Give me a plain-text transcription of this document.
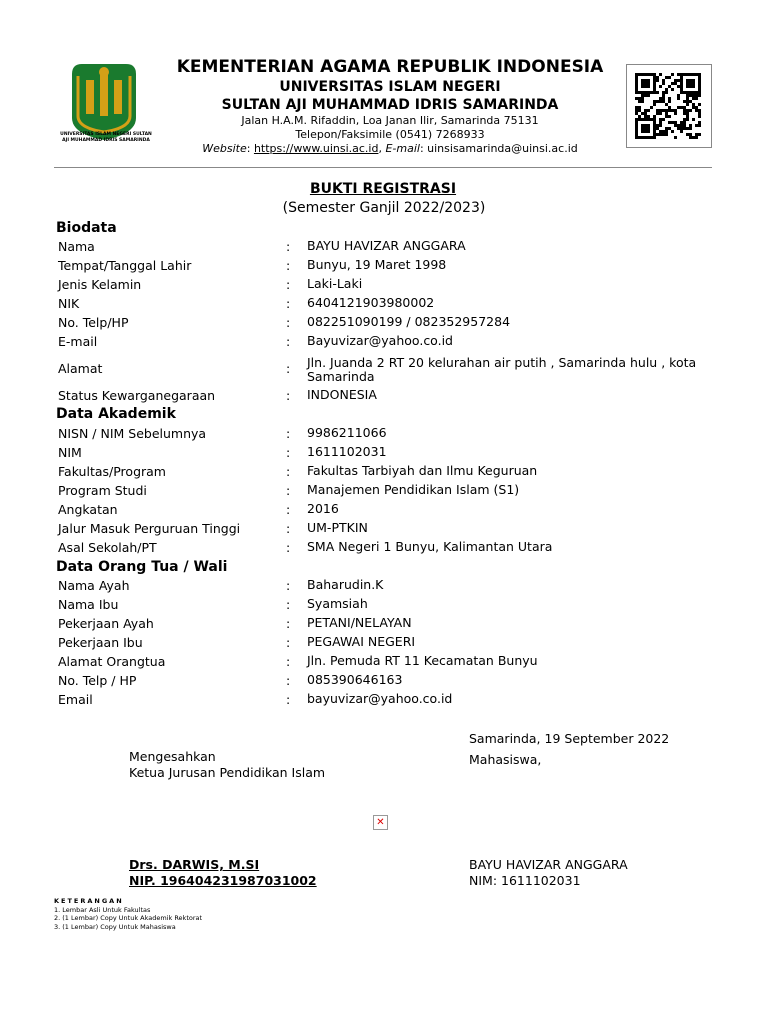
UNIVERSITAS ISLAM NEGERI SULTAN AJI MUHAMMAD IDRIS SAMARINDA
KEMENTERIAN AGAMA REPUBLIK INDONESIA
UNIVERSITAS ISLAM NEGERI
SULTAN AJI MUHAMMAD IDRIS SAMARINDA
Jalan H.A.M. Rifaddin, Loa Janan Ilir, Samarinda 75131
Telepon/Faksimile (0541) 7268933
Website: https://www.uinsi.ac.id, E-mail: uinsisamarinda@uinsi.ac.id
BUKTI REGISTRASI
(Semester Ganjil 2022/2023)
Biodata
Nama	: BAYU HAVIZAR ANGGARA
Tempat/Tanggal Lahir	: Bunyu, 19 Maret 1998
Jenis Kelamin	: Laki-Laki
NIK	: 6404121903980002
No. Telp/HP	: 082251090199 / 082352957284
E-mail	: Bayuvizar@yahoo.co.id
Alamat	: Jln. Juanda 2 RT 20 kelurahan air putih , Samarinda hulu , kota Samarinda
Status Kewarganegaraan	: INDONESIA
Data Akademik
NISN / NIM Sebelumnya	: 9986211066
NIM	: 1611102031
Fakultas/Program	: Fakultas Tarbiyah dan Ilmu Keguruan
Program Studi	: Manajemen Pendidikan Islam (S1)
Angkatan	: 2016
Jalur Masuk Perguruan Tinggi	: UM-PTKIN
Asal Sekolah/PT	: SMA Negeri 1 Bunyu, Kalimantan Utara
Data Orang Tua / Wali
Nama Ayah	: Baharudin.K
Nama Ibu	: Syamsiah
Pekerjaan Ayah	: PETANI/NELAYAN
Pekerjaan Ibu	: PEGAWAI NEGERI
Alamat Orangtua	: Jln. Pemuda RT 11 Kecamatan Bunyu
No. Telp / HP	: 085390646163
Email	: bayuvizar@yahoo.co.id
Mengesahkan
Ketua Jurusan Pendidikan Islam
Samarinda, 19 September 2022
Mahasiswa,
✕
Drs. DARWIS, M.SI
NIP. 196404231987031002
BAYU HAVIZAR ANGGARA
NIM: 1611102031
KETERANGAN
1. Lembar Asli Untuk Fakultas
2. (1 Lembar) Copy Untuk Akademik Rektorat
3. (1 Lembar) Copy Untuk Mahasiswa
